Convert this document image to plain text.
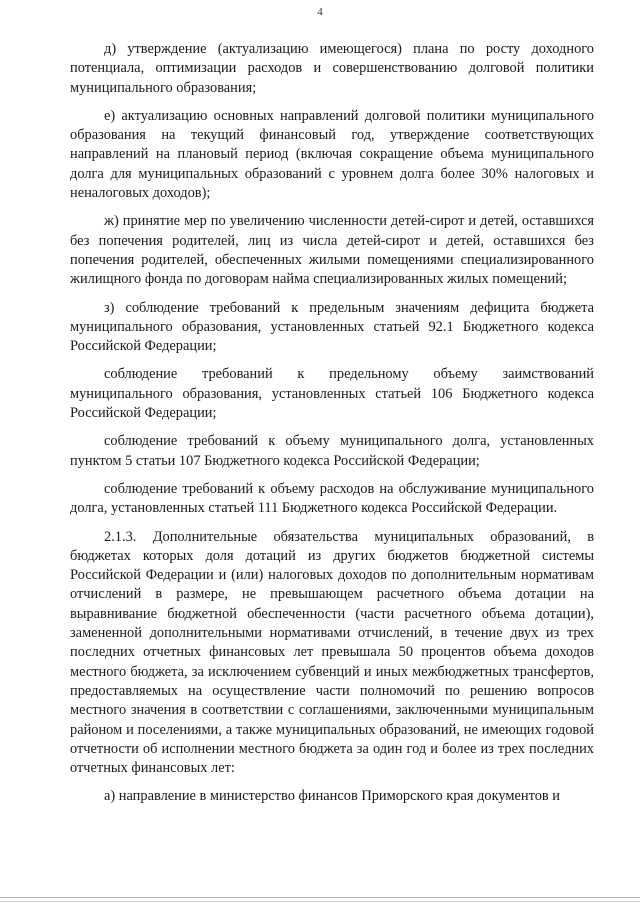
4

д) утверждение (актуализацию имеющегося) плана по росту доходного потенциала, оптимизации расходов и совершенствованию долговой политики муниципального образования;

е) актуализацию основных направлений долговой политики муниципального образования на текущий финансовый год, утверждение соответствующих направлений на плановый период (включая сокращение объема муниципального долга для муниципальных образований с уровнем долга более 30% налоговых и неналоговых доходов);

ж) принятие мер по увеличению численности детей-сирот и детей, оставшихся без попечения родителей, лиц из числа детей-сирот и детей, оставшихся без попечения родителей, обеспеченных жилыми помещениями специализированного жилищного фонда по договорам найма специализированных жилых помещений;

з) соблюдение требований к предельным значениям дефицита бюджета муниципального образования, установленных статьей 92.1 Бюджетного кодекса Российской Федерации;

соблюдение требований к предельному объему заимствований муниципального образования, установленных статьей 106 Бюджетного кодекса Российской Федерации;

соблюдение требований к объему муниципального долга, установленных пунктом 5 статьи 107 Бюджетного кодекса Российской Федерации;

соблюдение требований к объему расходов на обслуживание муниципального долга, установленных статьей 111 Бюджетного кодекса Российской Федерации.

2.1.3. Дополнительные обязательства муниципальных образований, в бюджетах которых доля дотаций из других бюджетов бюджетной системы Российской Федерации и (или) налоговых доходов по дополнительным нормативам отчислений в размере, не превышающем расчетного объема дотации на выравнивание бюджетной обеспеченности (части расчетного объема дотации), замененной дополнительными нормативами отчислений, в течение двух из трех последних отчетных финансовых лет превышала 50 процентов объема доходов местного бюджета, за исключением субвенций и иных межбюджетных трансфертов, предоставляемых на осуществление части полномочий по решению вопросов местного значения в соответствии с соглашениями, заключенными муниципальным районом и поселениями, а также муниципальных образований, не имеющих годовой отчетности об исполнении местного бюджета за один год и более из трех последних отчетных финансовых лет:

а) направление в министерство финансов Приморского края документов и
